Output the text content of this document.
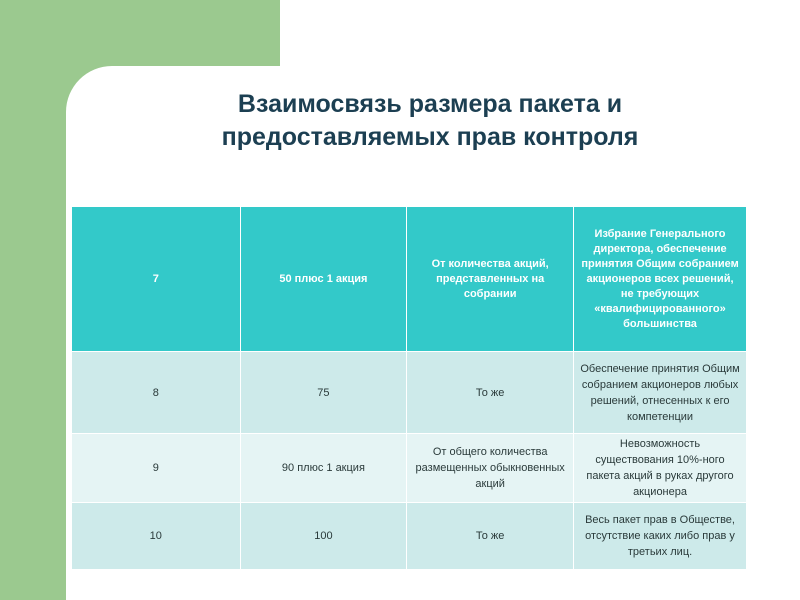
Взаимосвязь размера пакета и
предоставляемых прав контроля
7	50 плюс 1 акция	От количества акций, представленных на собрании	Избрание Генерального директора, обеспечение принятия Общим собранием акционеров всех решений, не требующих «квалифицированного» большинства
8	75	То же	Обеспечение принятия Общим собранием акционеров любых решений, отнесенных к его компетенции
9	90 плюс 1 акция	От общего количества размещенных обыкновенных акций	Невозможность существования 10%-ного пакета акций в руках другого акционера
10	100	То же	Весь пакет прав в Обществе, отсутствие каких либо прав у третьих лиц.
